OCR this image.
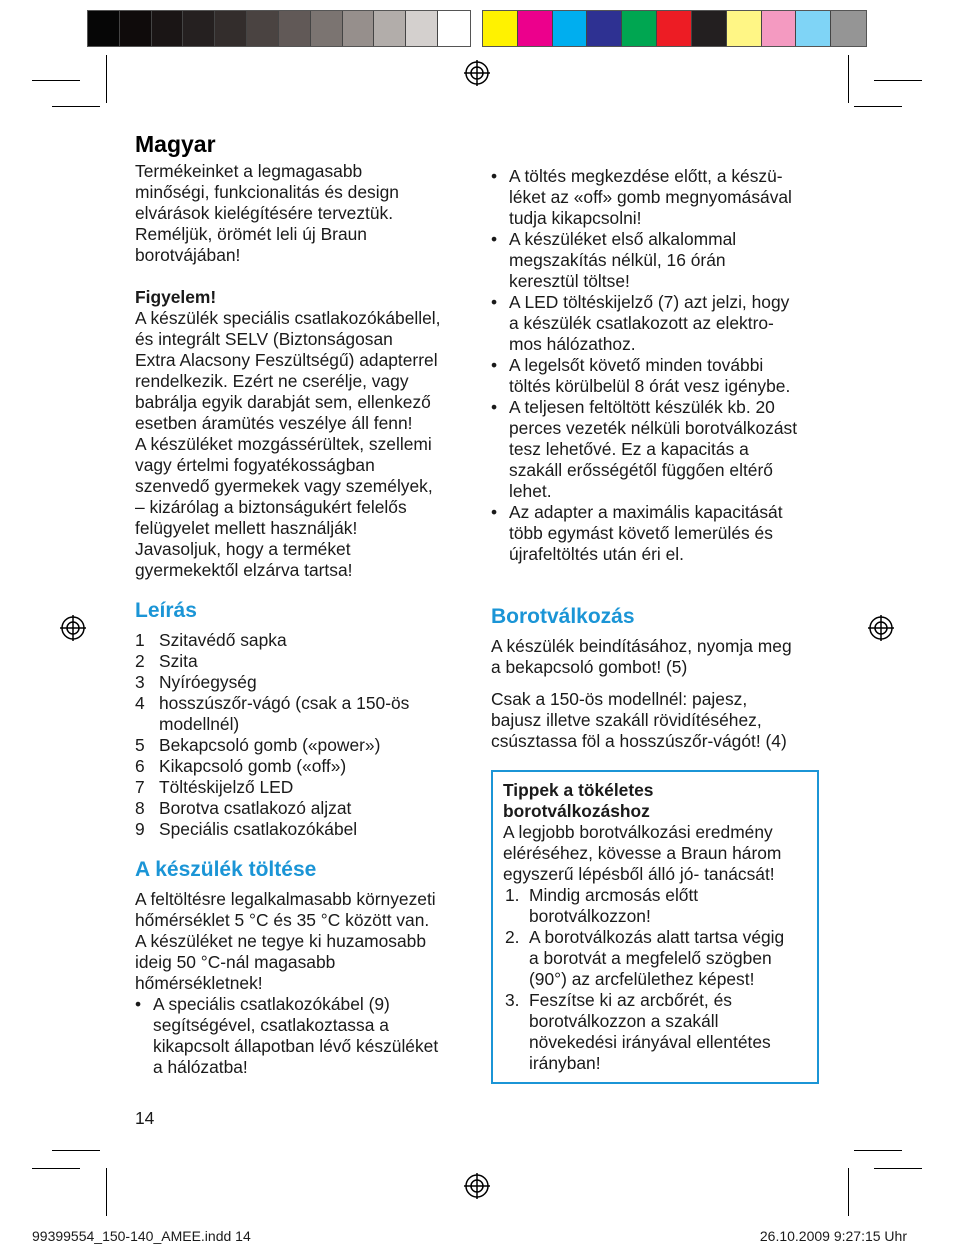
Magyar

Termékeinket a legmagasabb

minőségi, funkcionalitás és design

elvárások kielégítésére terveztük.

Reméljük, örömét leli új Braun

borotvájában!

Figyelem!

A készülék speciális csatlakozókábellel,

és integrált SELV (Biztonságosan

Extra Alacsony Feszültségű) adapterrel

rendelkezik. Ezért ne cserélje, vagy

babrálja egyik darabját sem, ellenkező

esetben áramütés veszélye áll fenn!

A készüléket mozgássérültek, szellemi

vagy értelmi fogyatékosságban

szenvedő gyermekek vagy személyek,

– kizárólag a biztonságukért felelős

felügyelet mellett használják!

Javasoljuk, hogy a terméket

gyermekektől elzárva tartsa!

Leírás
1 Szitavédő sapka
2 Szita
3 Nyíróegység
4 hosszúszőr-vágó (csak a 150-ös
modellnél)
5 Bekapcsoló gomb («power»)
6 Kikapcsoló gomb («off»)
7 Töltéskijelző LED
8 Borotva csatlakozó aljzat
9 Speciális csatlakozókábel
A készülék töltése

A feltöltésre legalkalmasabb környezeti

hőmérséklet 5 °C és 35 °C között van.

A készüléket ne tegye ki huzamosabb

ideig 50 °C-nál magasabb

hőmérsékletnek!

• A speciális csatlakozókábel (9)

segítségével, csatlakoztassa a

kikapcsolt állapotban lévő készüléket

a hálózatba!

• A töltés megkezdése előtt, a készü-

léket az «off» gomb megnyomásával

tudja kikapcsolni!

• A készüléket első alkalommal

megszakítás nélkül, 16 órán

keresztül töltse!

• A LED töltéskijelző (7) azt jelzi, hogy

a készülék csatlakozott az elektro-

mos hálózathoz.

• A legelsőt követő minden további

töltés körülbelül 8 órát vesz igénybe.

• A teljesen feltöltött készülék kb. 20

perces vezeték nélküli borotválkozást

tesz lehetővé. Ez a kapacitás a

szakáll erősségétől függően eltérő

lehet.

• Az adapter a maximális kapacitását

több egymást követő lemerülés és

újrafeltöltés után éri el.

Borotválkozás

A készülék beindításához, nyomja meg

a bekapcsoló gombot! (5)

Csak a 150-ös modellnél: pajesz,

bajusz illetve szakáll rövidítéséhez,

csúsztassa föl a hosszúszőr-vágót! (4)

Tippek a tökéletes

borotválkozáshoz

A legjobb borotválkozási eredmény

eléréséhez, kövesse a Braun három

egyszerű lépésből álló jó- tanácsát!

1. Mindig arcmosás előtt
borotválkozzon!
2. A borotválkozás alatt tartsa végig
a borotvát a megfelelő szögben
(90°) az arcfelülethez képest!
3. Feszítse ki az arcbőrét, és
borotválkozzon a szakáll
növekedési irányával ellentétes
irányban!
14
99399554_150-140_AMEE.indd 14	26.10.2009 9:27:15 Uhr
